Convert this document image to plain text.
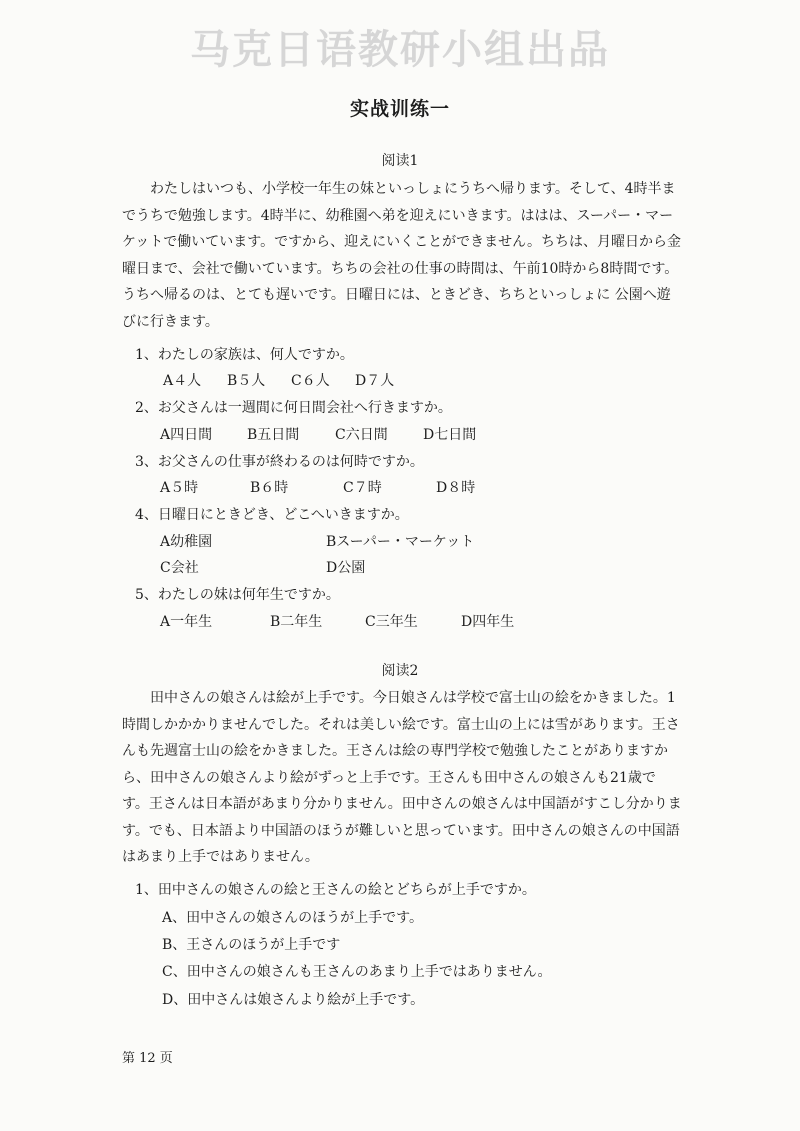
马克日语教研小组出品
实战训练一
阅读1

わたしはいつも、小学校一年生の妹といっしょにうちへ帰ります。そして、4時半までうちで勉強します。4時半に、幼稚園へ弟を迎えにいきます。ははは、スーパー・マーケットで働いています。ですから、迎えにいくことができません。ちちは、月曜日から金曜日まで、会社で働いています。ちちの会社の仕事の時間は、午前10時から8時間です。うちへ帰るのは、とても遅いです。日曜日には、ときどき、ちちといっしょに 公園へ遊びに行きます。

1、わたしの家族は、何人ですか。
A４人 B５人 C６人 D７人
2、お父さんは一週間に何日間会社へ行きますか。
A四日間 B五日間	C六日間	D七日間
3、お父さんの仕事が終わるのは何時ですか。
A５時	B６時	C７時	D８時
4、日曜日にときどき、どこへいきますか。
A幼稚園	Bスーパー・マーケット
C会社	D公園
5、わたしの妹は何年生ですか。
A一年生	B二年生	C三年生	D四年生
阅读2

田中さんの娘さんは絵が上手です。今日娘さんは学校で富士山の絵をかきました。1時間しかかかりませんでした。それは美しい絵です。富士山の上には雪があります。王さんも先週富士山の絵をかきました。王さんは絵の専門学校で勉強したことがありますから、田中さんの娘さんより絵がずっと上手です。王さんも田中さんの娘さんも21歳です。王さんは日本語があまり分かりません。田中さんの娘さんは中国語がすこし分かります。でも、日本語より中国語のほうが難しいと思っています。田中さんの娘さんの中国語はあまり上手ではありません。

1、田中さんの娘さんの絵と王さんの絵とどちらが上手ですか。
A、田中さんの娘さんのほうが上手です。
B、王さんのほうが上手です
C、田中さんの娘さんも王さんのあまり上手ではありません。
D、田中さんは娘さんより絵が上手です。
第 12 页
